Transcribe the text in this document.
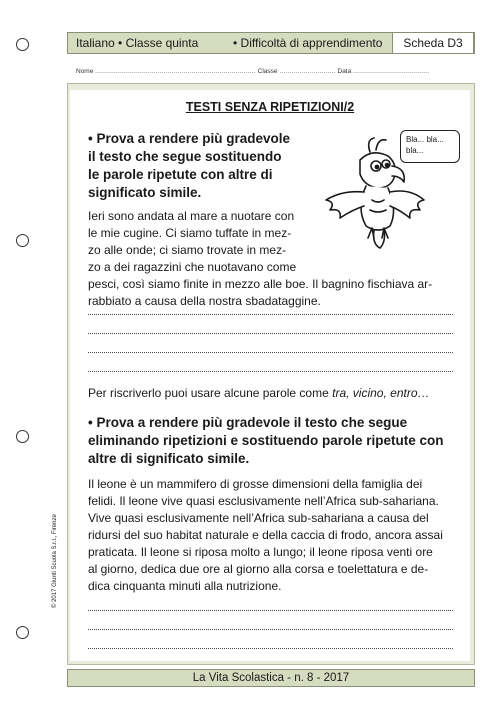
Italiano • Classe quinta	• Difficoltà di apprendimento	Scheda D3
Nome ................................................................................ Classe ............................ Data ......................................
TESTI SENZA RIPETIZIONI/2
• Prova a rendere più gradevole
il testo che segue sostituendo
le parole ripetute con altre di
significato simile.
Bla... bla...
bla...
Ieri sono andata al mare a nuotare con
le mie cugine. Ci siamo tuffate in mez-
zo alle onde; ci siamo trovate in mez-
zo a dei ragazzini che nuotavano come
pesci, così siamo finite in mezzo alle boe. Il bagnino fischiava ar-
rabbiato a causa della nostra sbadataggine.
Per riscriverlo puoi usare alcune parole come tra, vicino, entro…
• Prova a rendere più gradevole il testo che segue
eliminando ripetizioni e sostituendo parole ripetute con
altre di significato simile.
Il leone è un mammifero di grosse dimensioni della famiglia dei
felidi. Il leone vive quasi esclusivamente nell’Africa sub-sahariana.
Vive quasi esclusivamente nell’Africa sub-sahariana a causa del
ridursi del suo habitat naturale e della caccia di frodo, ancora assai
praticata. Il leone si riposa molto a lungo; il leone riposa venti ore
al giorno, dedica due ore al giorno alla corsa e toelettatura e de-
dica cinquanta minuti alla nutrizione.
© 2017 Giunti Scuola S.r.l., Firenze
La Vita Scolastica - n. 8 - 2017
